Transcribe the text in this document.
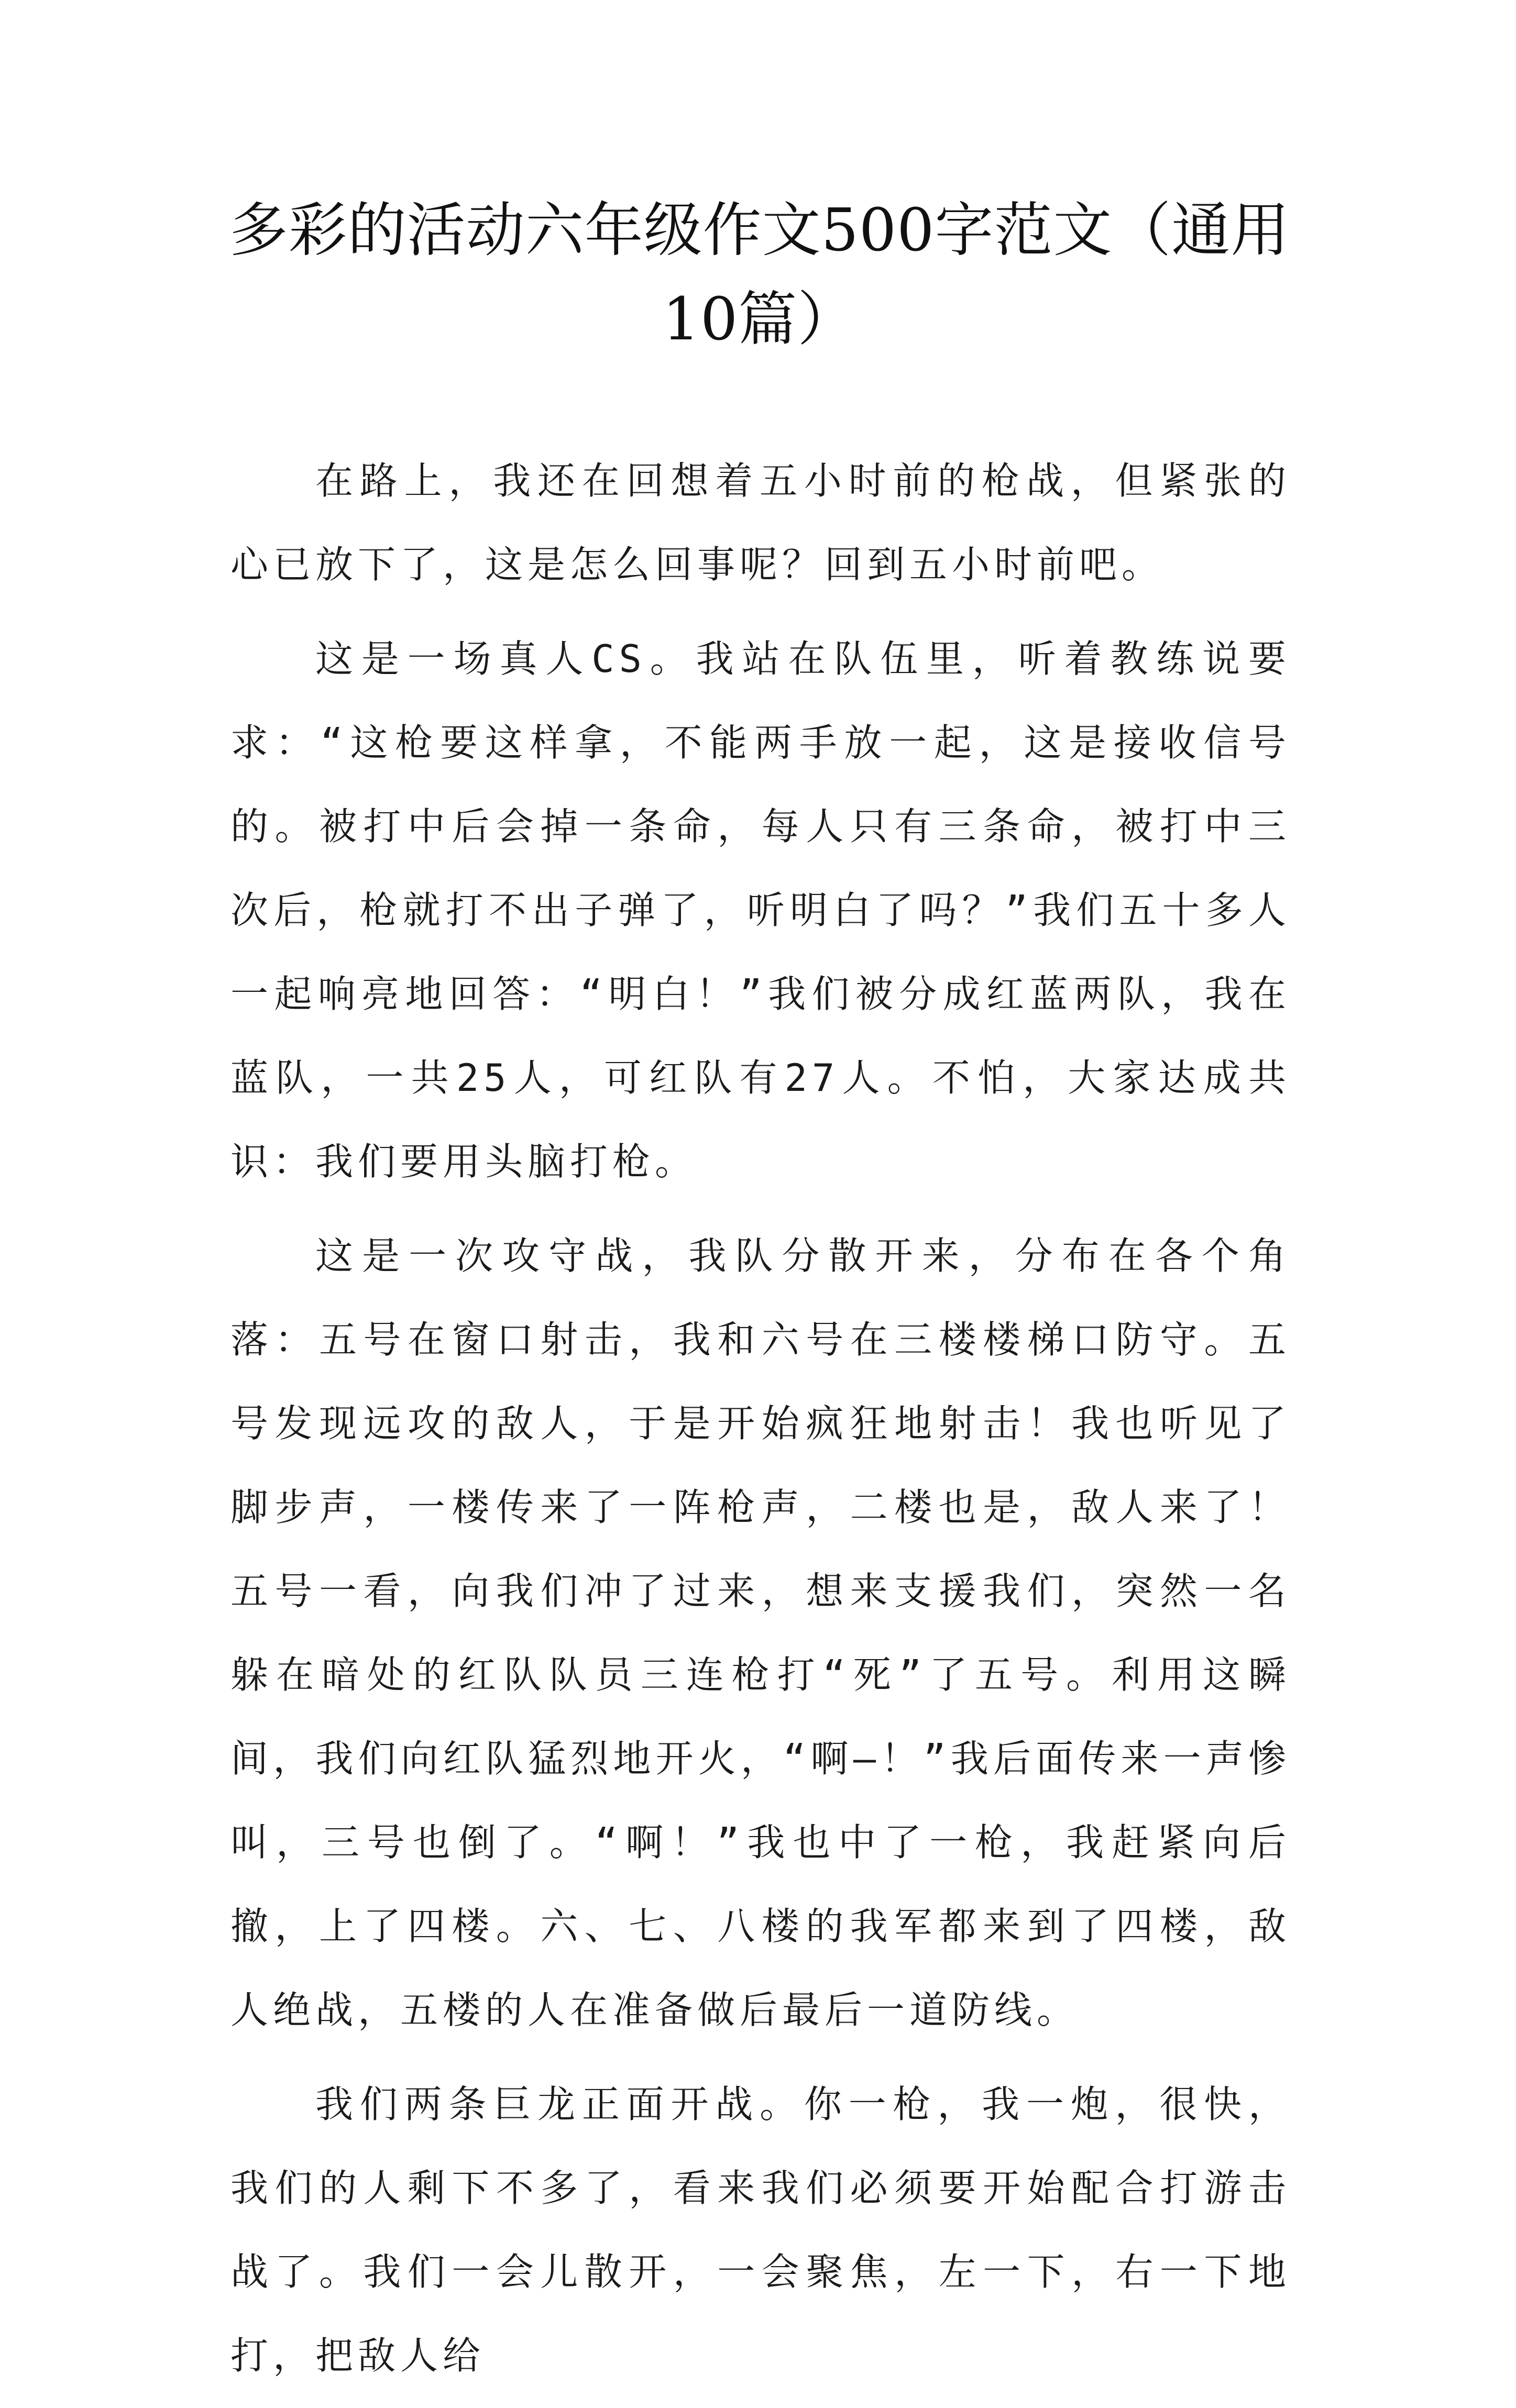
多彩的活动六年级作文500字范文（通用10篇）

在路上，我还在回想着五小时前的枪战，但紧张的心已放下了，这是怎么回事呢？回到五小时前吧。

这是一场真人CS。我站在队伍里，听着教练说要求：“这枪要这样拿，不能两手放一起，这是接收信号的。被打中后会掉一条命，每人只有三条命，被打中三次后，枪就打不出子弹了，听明白了吗？”我们五十多人一起响亮地回答：“明白！”我们被分成红蓝两队，我在蓝队，一共25人，可红队有27人。不怕，大家达成共识：我们要用头脑打枪。

这是一次攻守战，我队分散开来，分布在各个角落：五号在窗口射击，我和六号在三楼楼梯口防守。五号发现远攻的敌人，于是开始疯狂地射击！我也听见了脚步声，一楼传来了一阵枪声，二楼也是，敌人来了！五号一看，向我们冲了过来，想来支援我们，突然一名躲在暗处的红队队员三连枪打“死”了五号。利用这瞬间，我们向红队猛烈地开火，“啊—！”我后面传来一声惨叫，三号也倒了。“啊！”我也中了一枪，我赶紧向后撤，上了四楼。六、七、八楼的我军都来到了四楼，敌人绝战，五楼的人在准备做后最后一道防线。

我们两条巨龙正面开战。你一枪，我一炮，很快，我们的人剩下不多了，看来我们必须要开始配合打游击战了。我们一会儿散开，一会聚焦，左一下，右一下地打，把敌人给
